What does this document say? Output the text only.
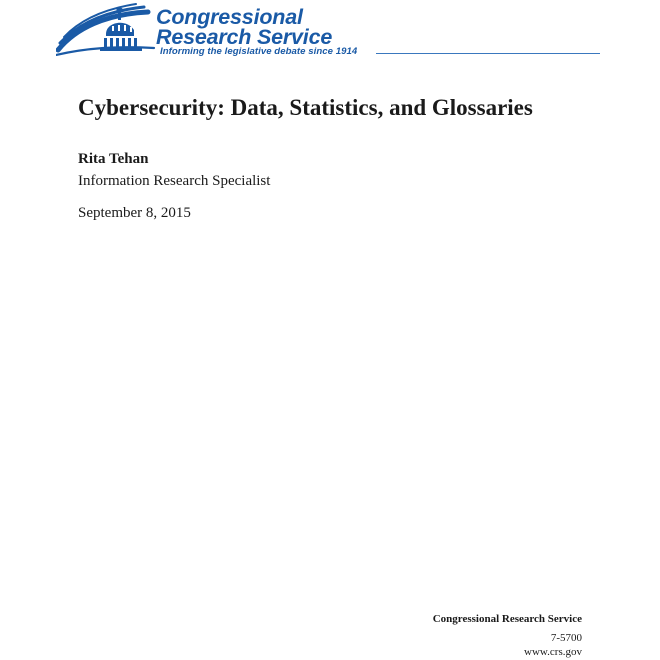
Congressional
Research Service
Informing the legislative debate since 1914
Cybersecurity: Data, Statistics, and Glossaries
Rita Tehan
Information Research Specialist
September 8, 2015
Congressional Research Service
7-5700
www.crs.gov
